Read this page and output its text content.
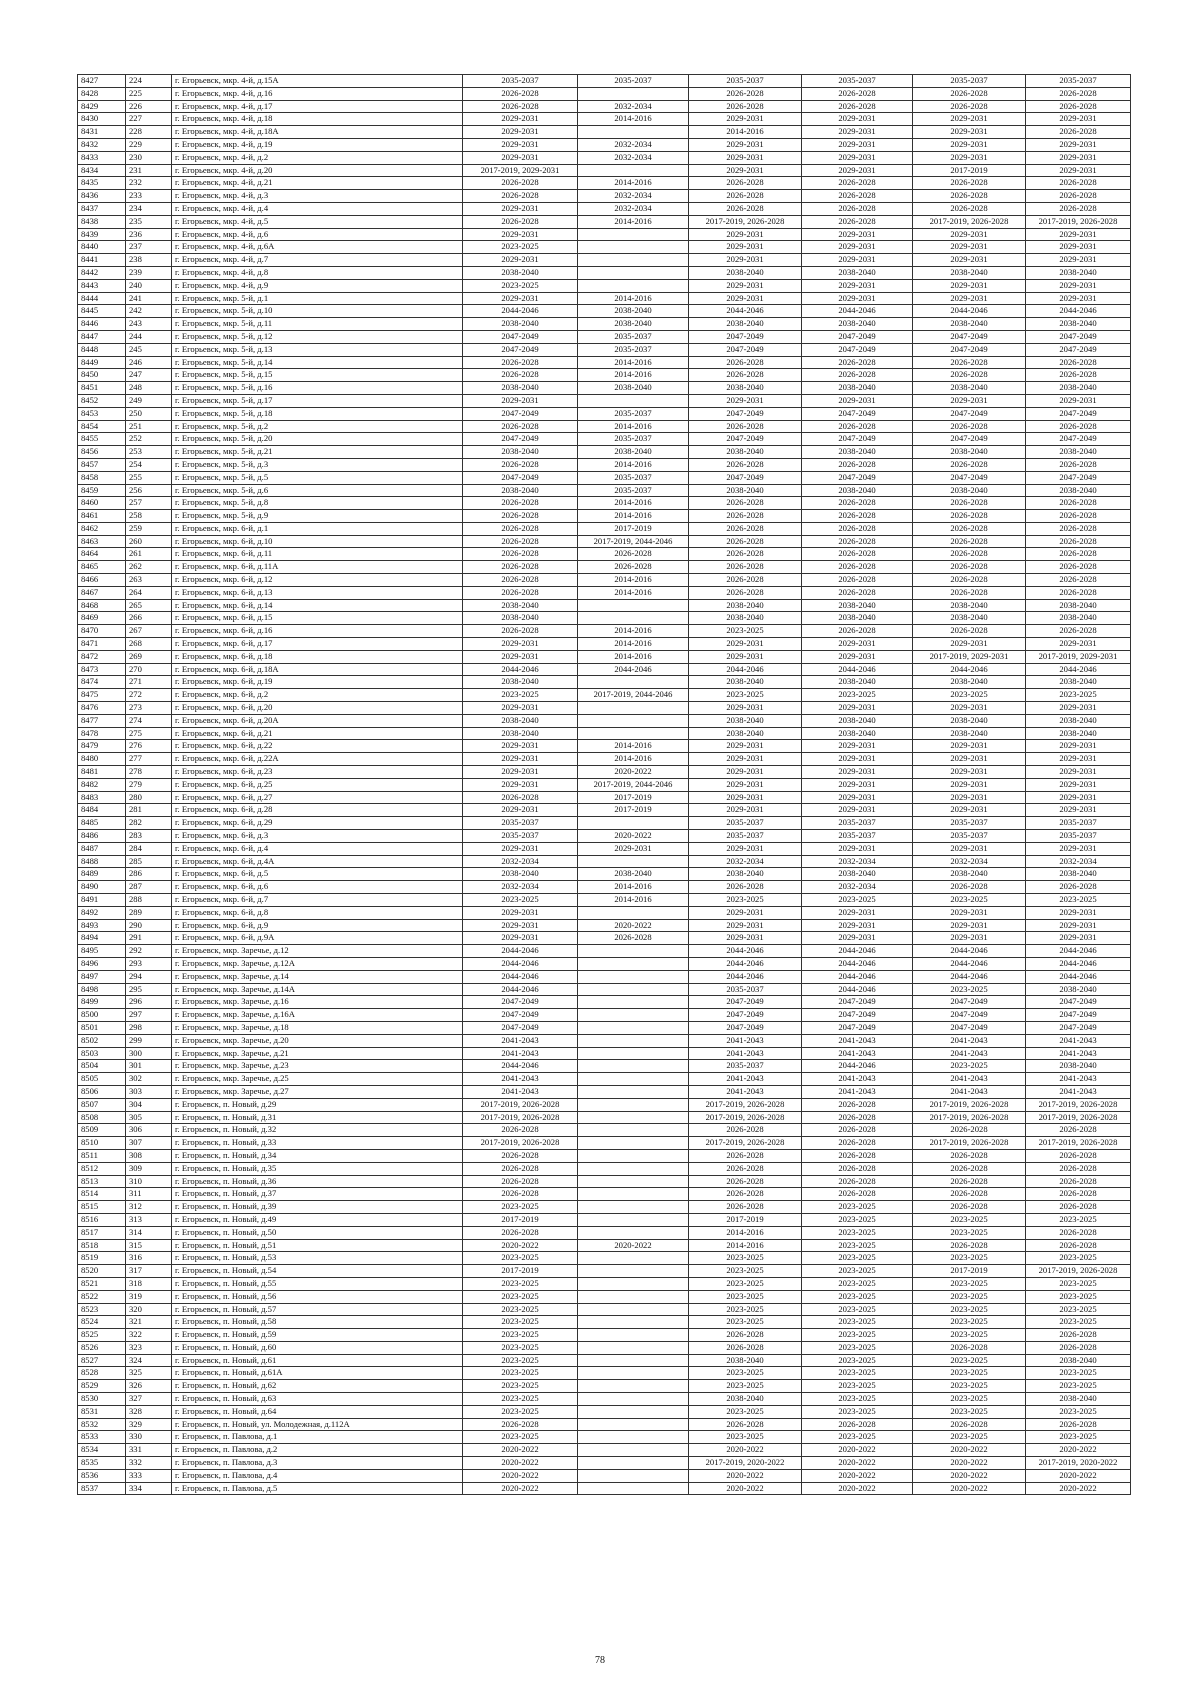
8427	224	г. Егорьевск, мкр. 4-й, д.15А	2035-2037	2035-2037	2035-2037	2035-2037	2035-2037	2035-2037
8428	225	г. Егорьевск, мкр. 4-й, д.16	2026-2028		2026-2028	2026-2028	2026-2028	2026-2028
8429	226	г. Егорьевск, мкр. 4-й, д.17	2026-2028	2032-2034	2026-2028	2026-2028	2026-2028	2026-2028
8430	227	г. Егорьевск, мкр. 4-й, д.18	2029-2031	2014-2016	2029-2031	2029-2031	2029-2031	2029-2031
8431	228	г. Егорьевск, мкр. 4-й, д.18А	2029-2031		2014-2016	2029-2031	2029-2031	2026-2028
8432	229	г. Егорьевск, мкр. 4-й, д.19	2029-2031	2032-2034	2029-2031	2029-2031	2029-2031	2029-2031
8433	230	г. Егорьевск, мкр. 4-й, д.2	2029-2031	2032-2034	2029-2031	2029-2031	2029-2031	2029-2031
8434	231	г. Егорьевск, мкр. 4-й, д.20	2017-2019, 2029-2031		2029-2031	2029-2031	2017-2019	2029-2031
8435	232	г. Егорьевск, мкр. 4-й, д.21	2026-2028	2014-2016	2026-2028	2026-2028	2026-2028	2026-2028
8436	233	г. Егорьевск, мкр. 4-й, д.3	2026-2028	2032-2034	2026-2028	2026-2028	2026-2028	2026-2028
8437	234	г. Егорьевск, мкр. 4-й, д.4	2029-2031	2032-2034	2026-2028	2026-2028	2026-2028	2026-2028
8438	235	г. Егорьевск, мкр. 4-й, д.5	2026-2028	2014-2016	2017-2019, 2026-2028	2026-2028	2017-2019, 2026-2028	2017-2019, 2026-2028
8439	236	г. Егорьевск, мкр. 4-й, д.6	2029-2031		2029-2031	2029-2031	2029-2031	2029-2031
8440	237	г. Егорьевск, мкр. 4-й, д.6А	2023-2025		2029-2031	2029-2031	2029-2031	2029-2031
8441	238	г. Егорьевск, мкр. 4-й, д.7	2029-2031		2029-2031	2029-2031	2029-2031	2029-2031
8442	239	г. Егорьевск, мкр. 4-й, д.8	2038-2040		2038-2040	2038-2040	2038-2040	2038-2040
8443	240	г. Егорьевск, мкр. 4-й, д.9	2023-2025		2029-2031	2029-2031	2029-2031	2029-2031
8444	241	г. Егорьевск, мкр. 5-й, д.1	2029-2031	2014-2016	2029-2031	2029-2031	2029-2031	2029-2031
8445	242	г. Егорьевск, мкр. 5-й, д.10	2044-2046	2038-2040	2044-2046	2044-2046	2044-2046	2044-2046
8446	243	г. Егорьевск, мкр. 5-й, д.11	2038-2040	2038-2040	2038-2040	2038-2040	2038-2040	2038-2040
8447	244	г. Егорьевск, мкр. 5-й, д.12	2047-2049	2035-2037	2047-2049	2047-2049	2047-2049	2047-2049
8448	245	г. Егорьевск, мкр. 5-й, д.13	2047-2049	2035-2037	2047-2049	2047-2049	2047-2049	2047-2049
8449	246	г. Егорьевск, мкр. 5-й, д.14	2026-2028	2014-2016	2026-2028	2026-2028	2026-2028	2026-2028
8450	247	г. Егорьевск, мкр. 5-й, д.15	2026-2028	2014-2016	2026-2028	2026-2028	2026-2028	2026-2028
8451	248	г. Егорьевск, мкр. 5-й, д.16	2038-2040	2038-2040	2038-2040	2038-2040	2038-2040	2038-2040
8452	249	г. Егорьевск, мкр. 5-й, д.17	2029-2031		2029-2031	2029-2031	2029-2031	2029-2031
8453	250	г. Егорьевск, мкр. 5-й, д.18	2047-2049	2035-2037	2047-2049	2047-2049	2047-2049	2047-2049
8454	251	г. Егорьевск, мкр. 5-й, д.2	2026-2028	2014-2016	2026-2028	2026-2028	2026-2028	2026-2028
8455	252	г. Егорьевск, мкр. 5-й, д.20	2047-2049	2035-2037	2047-2049	2047-2049	2047-2049	2047-2049
8456	253	г. Егорьевск, мкр. 5-й, д.21	2038-2040	2038-2040	2038-2040	2038-2040	2038-2040	2038-2040
8457	254	г. Егорьевск, мкр. 5-й, д.3	2026-2028	2014-2016	2026-2028	2026-2028	2026-2028	2026-2028
8458	255	г. Егорьевск, мкр. 5-й, д.5	2047-2049	2035-2037	2047-2049	2047-2049	2047-2049	2047-2049
8459	256	г. Егорьевск, мкр. 5-й, д.6	2038-2040	2035-2037	2038-2040	2038-2040	2038-2040	2038-2040
8460	257	г. Егорьевск, мкр. 5-й, д.8	2026-2028	2014-2016	2026-2028	2026-2028	2026-2028	2026-2028
8461	258	г. Егорьевск, мкр. 5-й, д.9	2026-2028	2014-2016	2026-2028	2026-2028	2026-2028	2026-2028
8462	259	г. Егорьевск, мкр. 6-й, д.1	2026-2028	2017-2019	2026-2028	2026-2028	2026-2028	2026-2028
8463	260	г. Егорьевск, мкр. 6-й, д.10	2026-2028	2017-2019, 2044-2046	2026-2028	2026-2028	2026-2028	2026-2028
8464	261	г. Егорьевск, мкр. 6-й, д.11	2026-2028	2026-2028	2026-2028	2026-2028	2026-2028	2026-2028
8465	262	г. Егорьевск, мкр. 6-й, д.11А	2026-2028	2026-2028	2026-2028	2026-2028	2026-2028	2026-2028
8466	263	г. Егорьевск, мкр. 6-й, д.12	2026-2028	2014-2016	2026-2028	2026-2028	2026-2028	2026-2028
8467	264	г. Егорьевск, мкр. 6-й, д.13	2026-2028	2014-2016	2026-2028	2026-2028	2026-2028	2026-2028
8468	265	г. Егорьевск, мкр. 6-й, д.14	2038-2040		2038-2040	2038-2040	2038-2040	2038-2040
8469	266	г. Егорьевск, мкр. 6-й, д.15	2038-2040		2038-2040	2038-2040	2038-2040	2038-2040
8470	267	г. Егорьевск, мкр. 6-й, д.16	2026-2028	2014-2016	2023-2025	2026-2028	2026-2028	2026-2028
8471	268	г. Егорьевск, мкр. 6-й, д.17	2029-2031	2014-2016	2029-2031	2029-2031	2029-2031	2029-2031
8472	269	г. Егорьевск, мкр. 6-й, д.18	2029-2031	2014-2016	2029-2031	2029-2031	2017-2019, 2029-2031	2017-2019, 2029-2031
8473	270	г. Егорьевск, мкр. 6-й, д.18А	2044-2046	2044-2046	2044-2046	2044-2046	2044-2046	2044-2046
8474	271	г. Егорьевск, мкр. 6-й, д.19	2038-2040		2038-2040	2038-2040	2038-2040	2038-2040
8475	272	г. Егорьевск, мкр. 6-й, д.2	2023-2025	2017-2019, 2044-2046	2023-2025	2023-2025	2023-2025	2023-2025
8476	273	г. Егорьевск, мкр. 6-й, д.20	2029-2031		2029-2031	2029-2031	2029-2031	2029-2031
8477	274	г. Егорьевск, мкр. 6-й, д.20А	2038-2040		2038-2040	2038-2040	2038-2040	2038-2040
8478	275	г. Егорьевск, мкр. 6-й, д.21	2038-2040		2038-2040	2038-2040	2038-2040	2038-2040
8479	276	г. Егорьевск, мкр. 6-й, д.22	2029-2031	2014-2016	2029-2031	2029-2031	2029-2031	2029-2031
8480	277	г. Егорьевск, мкр. 6-й, д.22А	2029-2031	2014-2016	2029-2031	2029-2031	2029-2031	2029-2031
8481	278	г. Егорьевск, мкр. 6-й, д.23	2029-2031	2020-2022	2029-2031	2029-2031	2029-2031	2029-2031
8482	279	г. Егорьевск, мкр. 6-й, д.25	2029-2031	2017-2019, 2044-2046	2029-2031	2029-2031	2029-2031	2029-2031
8483	280	г. Егорьевск, мкр. 6-й, д.27	2026-2028	2017-2019	2029-2031	2029-2031	2029-2031	2029-2031
8484	281	г. Егорьевск, мкр. 6-й, д.28	2029-2031	2017-2019	2029-2031	2029-2031	2029-2031	2029-2031
8485	282	г. Егорьевск, мкр. 6-й, д.29	2035-2037		2035-2037	2035-2037	2035-2037	2035-2037
8486	283	г. Егорьевск, мкр. 6-й, д.3	2035-2037	2020-2022	2035-2037	2035-2037	2035-2037	2035-2037
8487	284	г. Егорьевск, мкр. 6-й, д.4	2029-2031	2029-2031	2029-2031	2029-2031	2029-2031	2029-2031
8488	285	г. Егорьевск, мкр. 6-й, д.4А	2032-2034		2032-2034	2032-2034	2032-2034	2032-2034
8489	286	г. Егорьевск, мкр. 6-й, д.5	2038-2040	2038-2040	2038-2040	2038-2040	2038-2040	2038-2040
8490	287	г. Егорьевск, мкр. 6-й, д.6	2032-2034	2014-2016	2026-2028	2032-2034	2026-2028	2026-2028
8491	288	г. Егорьевск, мкр. 6-й, д.7	2023-2025	2014-2016	2023-2025	2023-2025	2023-2025	2023-2025
8492	289	г. Егорьевск, мкр. 6-й, д.8	2029-2031		2029-2031	2029-2031	2029-2031	2029-2031
8493	290	г. Егорьевск, мкр. 6-й, д.9	2029-2031	2020-2022	2029-2031	2029-2031	2029-2031	2029-2031
8494	291	г. Егорьевск, мкр. 6-й, д.9А	2029-2031	2026-2028	2029-2031	2029-2031	2029-2031	2029-2031
8495	292	г. Егорьевск, мкр. Заречье, д.12	2044-2046		2044-2046	2044-2046	2044-2046	2044-2046
8496	293	г. Егорьевск, мкр. Заречье, д.12А	2044-2046		2044-2046	2044-2046	2044-2046	2044-2046
8497	294	г. Егорьевск, мкр. Заречье, д.14	2044-2046		2044-2046	2044-2046	2044-2046	2044-2046
8498	295	г. Егорьевск, мкр. Заречье, д.14А	2044-2046		2035-2037	2044-2046	2023-2025	2038-2040
8499	296	г. Егорьевск, мкр. Заречье, д.16	2047-2049		2047-2049	2047-2049	2047-2049	2047-2049
8500	297	г. Егорьевск, мкр. Заречье, д.16А	2047-2049		2047-2049	2047-2049	2047-2049	2047-2049
8501	298	г. Егорьевск, мкр. Заречье, д.18	2047-2049		2047-2049	2047-2049	2047-2049	2047-2049
8502	299	г. Егорьевск, мкр. Заречье, д.20	2041-2043		2041-2043	2041-2043	2041-2043	2041-2043
8503	300	г. Егорьевск, мкр. Заречье, д.21	2041-2043		2041-2043	2041-2043	2041-2043	2041-2043
8504	301	г. Егорьевск, мкр. Заречье, д.23	2044-2046		2035-2037	2044-2046	2023-2025	2038-2040
8505	302	г. Егорьевск, мкр. Заречье, д.25	2041-2043		2041-2043	2041-2043	2041-2043	2041-2043
8506	303	г. Егорьевск, мкр. Заречье, д.27	2041-2043		2041-2043	2041-2043	2041-2043	2041-2043
8507	304	г. Егорьевск, п. Новый, д.29	2017-2019, 2026-2028		2017-2019, 2026-2028	2026-2028	2017-2019, 2026-2028	2017-2019, 2026-2028
8508	305	г. Егорьевск, п. Новый, д.31	2017-2019, 2026-2028		2017-2019, 2026-2028	2026-2028	2017-2019, 2026-2028	2017-2019, 2026-2028
8509	306	г. Егорьевск, п. Новый, д.32	2026-2028		2026-2028	2026-2028	2026-2028	2026-2028
8510	307	г. Егорьевск, п. Новый, д.33	2017-2019, 2026-2028		2017-2019, 2026-2028	2026-2028	2017-2019, 2026-2028	2017-2019, 2026-2028
8511	308	г. Егорьевск, п. Новый, д.34	2026-2028		2026-2028	2026-2028	2026-2028	2026-2028
8512	309	г. Егорьевск, п. Новый, д.35	2026-2028		2026-2028	2026-2028	2026-2028	2026-2028
8513	310	г. Егорьевск, п. Новый, д.36	2026-2028		2026-2028	2026-2028	2026-2028	2026-2028
8514	311	г. Егорьевск, п. Новый, д.37	2026-2028		2026-2028	2026-2028	2026-2028	2026-2028
8515	312	г. Егорьевск, п. Новый, д.39	2023-2025		2026-2028	2023-2025	2026-2028	2026-2028
8516	313	г. Егорьевск, п. Новый, д.49	2017-2019		2017-2019	2023-2025	2023-2025	2023-2025
8517	314	г. Егорьевск, п. Новый, д.50	2026-2028		2014-2016	2023-2025	2023-2025	2026-2028
8518	315	г. Егорьевск, п. Новый, д.51	2020-2022	2020-2022	2014-2016	2023-2025	2026-2028	2026-2028
8519	316	г. Егорьевск, п. Новый, д.53	2023-2025		2023-2025	2023-2025	2023-2025	2023-2025
8520	317	г. Егорьевск, п. Новый, д.54	2017-2019		2023-2025	2023-2025	2017-2019	2017-2019, 2026-2028
8521	318	г. Егорьевск, п. Новый, д.55	2023-2025		2023-2025	2023-2025	2023-2025	2023-2025
8522	319	г. Егорьевск, п. Новый, д.56	2023-2025		2023-2025	2023-2025	2023-2025	2023-2025
8523	320	г. Егорьевск, п. Новый, д.57	2023-2025		2023-2025	2023-2025	2023-2025	2023-2025
8524	321	г. Егорьевск, п. Новый, д.58	2023-2025		2023-2025	2023-2025	2023-2025	2023-2025
8525	322	г. Егорьевск, п. Новый, д.59	2023-2025		2026-2028	2023-2025	2023-2025	2026-2028
8526	323	г. Егорьевск, п. Новый, д.60	2023-2025		2026-2028	2023-2025	2026-2028	2026-2028
8527	324	г. Егорьевск, п. Новый, д.61	2023-2025		2038-2040	2023-2025	2023-2025	2038-2040
8528	325	г. Егорьевск, п. Новый, д.61А	2023-2025		2023-2025	2023-2025	2023-2025	2023-2025
8529	326	г. Егорьевск, п. Новый, д.62	2023-2025		2023-2025	2023-2025	2023-2025	2023-2025
8530	327	г. Егорьевск, п. Новый, д.63	2023-2025		2038-2040	2023-2025	2023-2025	2038-2040
8531	328	г. Егорьевск, п. Новый, д.64	2023-2025		2023-2025	2023-2025	2023-2025	2023-2025
8532	329	г. Егорьевск, п. Новый, ул. Молодежная, д.112А	2026-2028		2026-2028	2026-2028	2026-2028	2026-2028
8533	330	г. Егорьевск, п. Павлова, д.1	2023-2025		2023-2025	2023-2025	2023-2025	2023-2025
8534	331	г. Егорьевск, п. Павлова, д.2	2020-2022		2020-2022	2020-2022	2020-2022	2020-2022
8535	332	г. Егорьевск, п. Павлова, д.3	2020-2022		2017-2019, 2020-2022	2020-2022	2020-2022	2017-2019, 2020-2022
8536	333	г. Егорьевск, п. Павлова, д.4	2020-2022		2020-2022	2020-2022	2020-2022	2020-2022
8537	334	г. Егорьевск, п. Павлова, д.5	2020-2022		2020-2022	2020-2022	2020-2022	2020-2022
78
